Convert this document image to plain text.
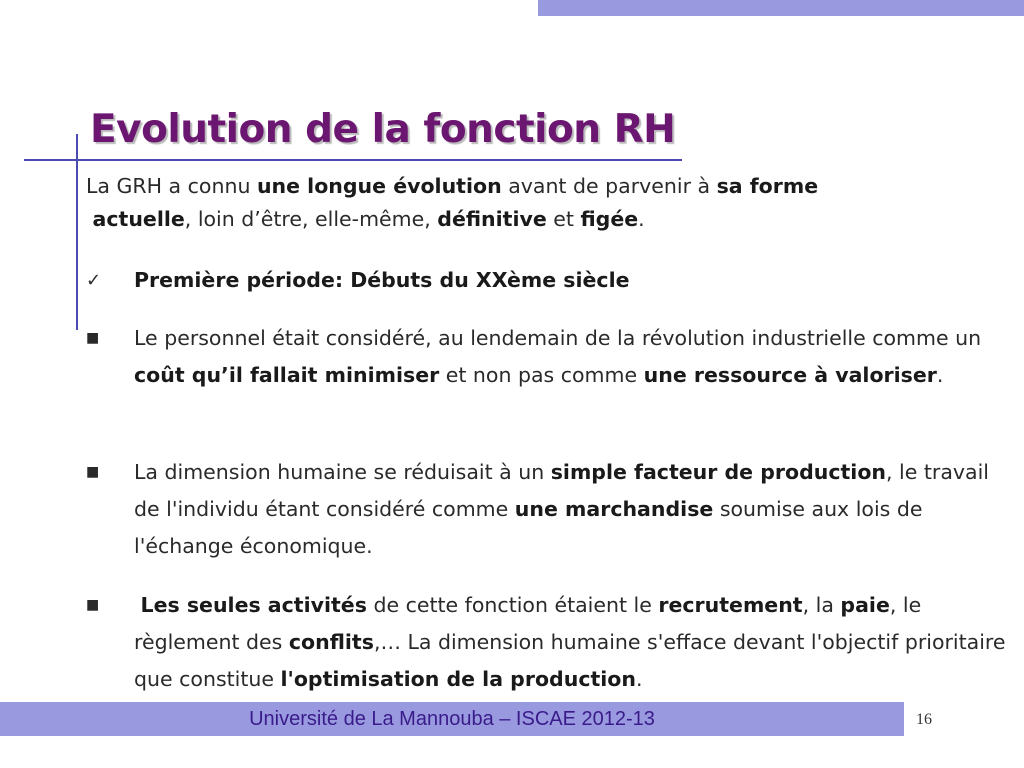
Evolution de la fonction RH

La GRH a connu une longue évolution avant de parvenir à sa forme
actuelle, loin d’être, elle-même, définitive et figée.

✓	Première période: Débuts du XXème siècle
■	Le personnel était considéré, au lendemain de la révolution industrielle comme un coût qu’il fallait minimiser et non pas comme une ressource à valoriser.
■	La dimension humaine se réduisait à un simple facteur de production, le travail de l'individu étant considéré comme une marchandise soumise aux lois de l'échange économique.
■	Les seules activités de cette fonction étaient le recrutement, la paie, le règlement des conflits,… La dimension humaine s'efface devant l'objectif prioritaire que constitue l'optimisation de la production.
Université de La Mannouba – ISCAE 2012-13	16
